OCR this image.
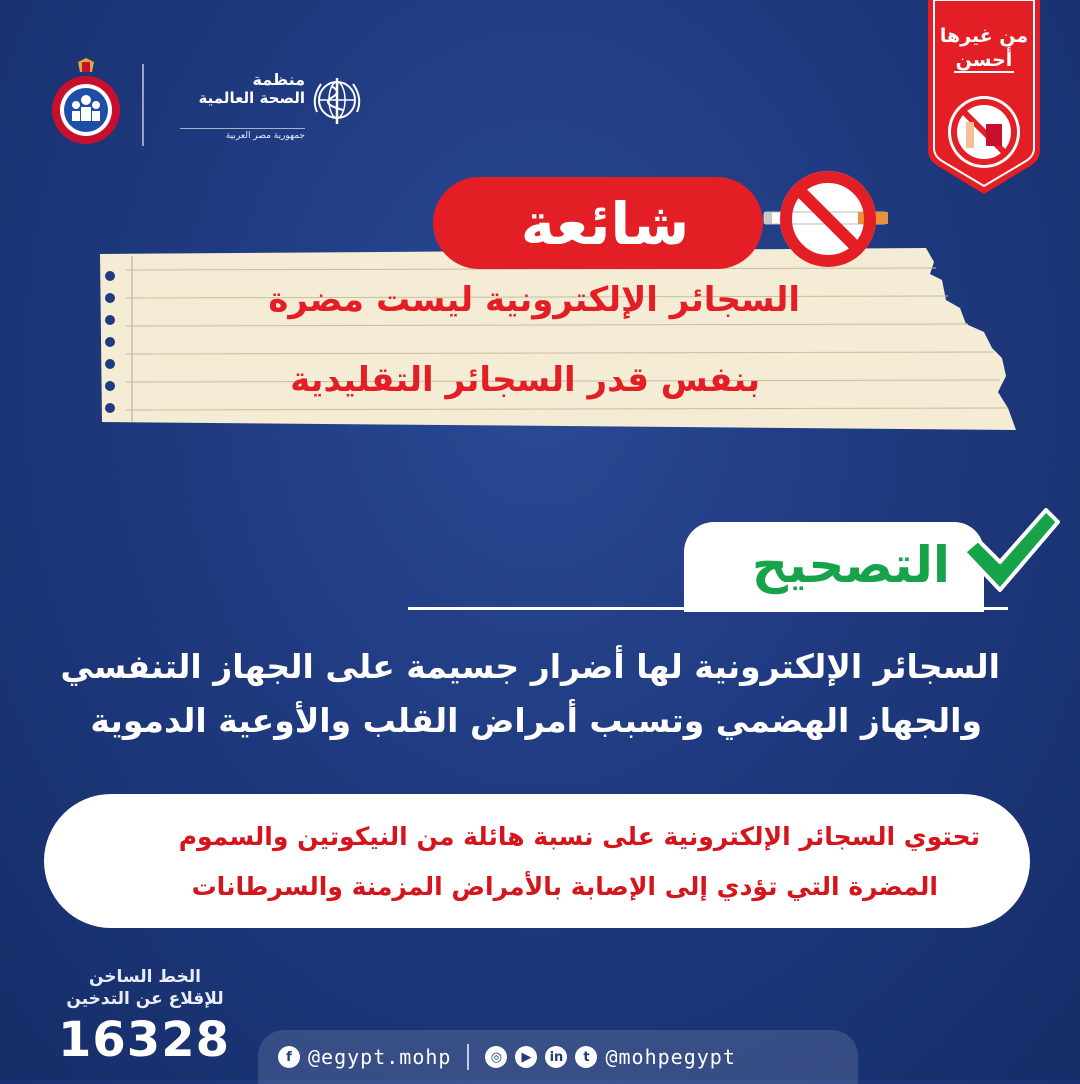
منظمة
الصحة العالمية
جمهورية مصر العربية
من غيرها
أحسن
شائعة
السجائر الإلكترونية ليست مضرة
بنفس قدر السجائر التقليدية
التصحيح
السجائر الإلكترونية لها أضرار جسيمة على الجهاز التنفسي
والجهاز الهضمي وتسبب أمراض القلب والأوعية الدموية
تحتوي السجائر الإلكترونية على نسبة هائلة من النيكوتين والسموم
المضرة التي تؤدي إلى الإصابة بالأمراض المزمنة والسرطانات
الخط الساخن
للإقلاع عن التدخين
16328	f @egypt.mohp	◎	▶	in	t @mohpegypt
